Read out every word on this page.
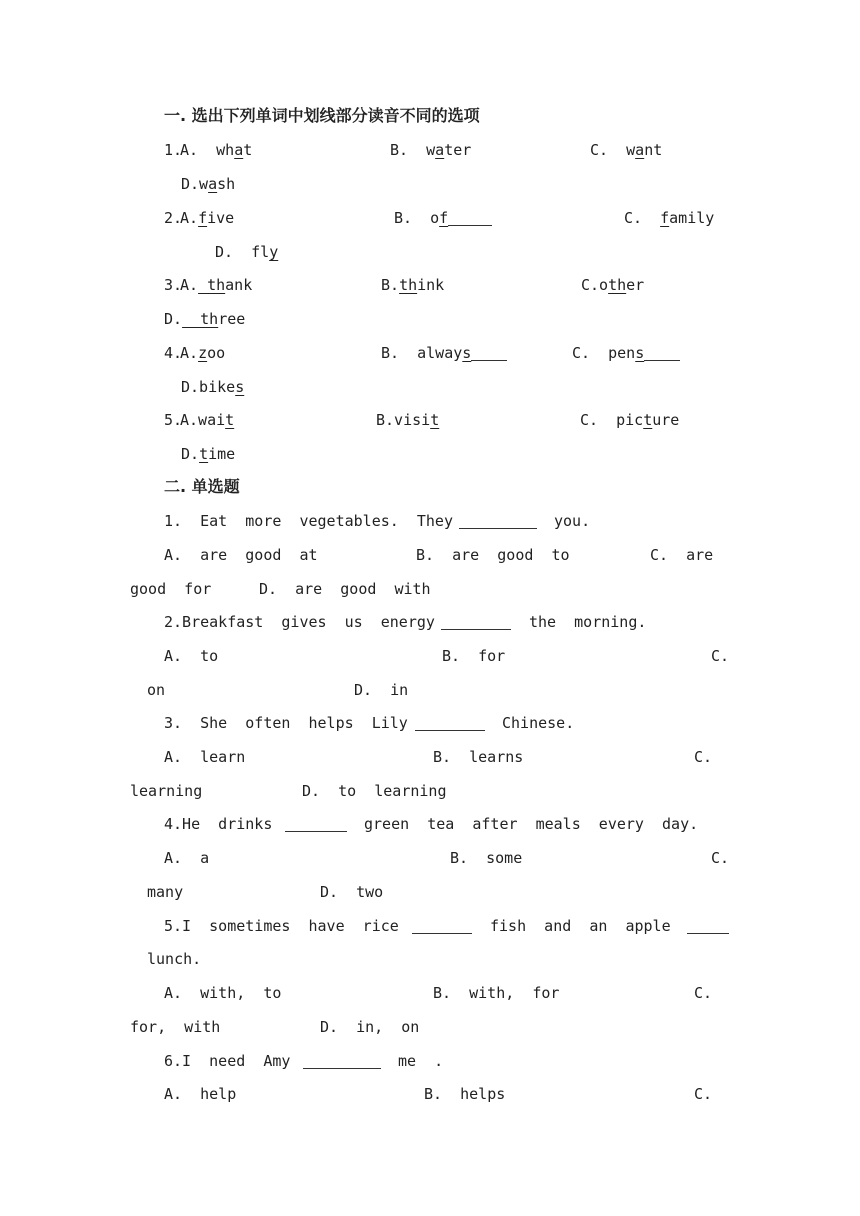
一. 选出下列单词中划线部分读音不同的选项

1.

A.  what

	B.  water

	C.  want

D.wash

2.

A.five

	B.  of

	C.  family

D.  fly

3.

A. thank

	B.think

	C.other

D.  three

4.

A.zoo

	B.  always

	C.  pens

D.bikes

5.

A.wait

	B.visit

	C.  picture

D.time

二. 单选题

1.  Eat  more  vegetables.  They

	you.

A.  are  good  at

	B.  are  good  to

	C.  are

good  for

	D.  are  good  with

2.Breakfast  gives  us  energy

	the  morning.

A.  to

	B.  for

	C.

on

	D.  in

3.  She  often  helps  Lily

	Chinese.

A.  learn

	B.  learns

	C.

learning

	D.  to  learning

4.He  drinks

	green  tea  after  meals  every  day.

A.  a

	B.  some

	C.

many

	D.  two

5.I  sometimes  have  rice

	fish  and  an  apple

lunch.

A.  with,  to

	B.  with,  for

	C.

for,  with

	D.  in,  on

6.I  need  Amy

	me  .

A.  help

	B.  helps

	C.
